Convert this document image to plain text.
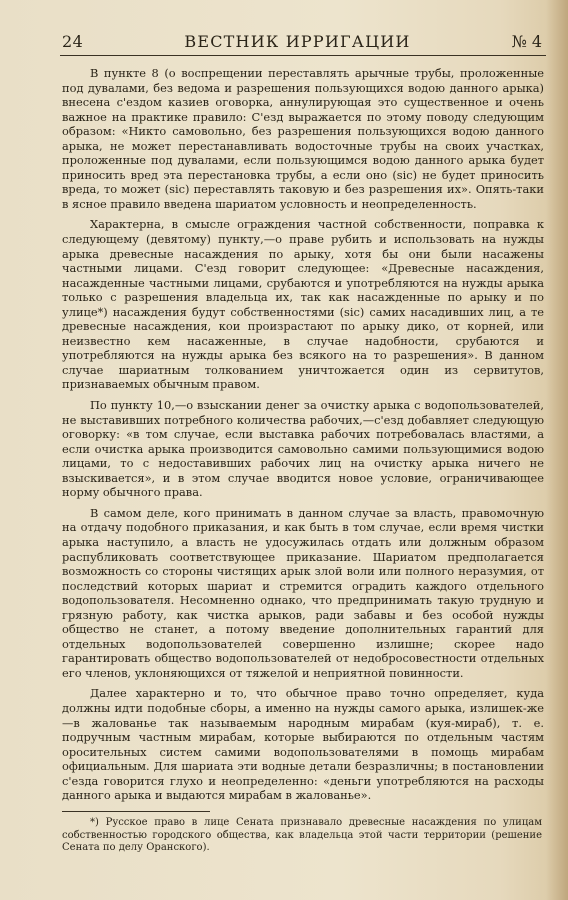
24	ВЕСТНИК ИРРИГАЦИИ	№ 4

В пункте 8 (о воспрещении переставлять арычные трубы, проложенные под дувалами, без ведома и разрешения пользующихся водою данного арыка) внесена с'ездом казиев оговорка, аннулирующая это существенное и очень важное на практике правило: С'езд выражается по этому поводу следующим образом: «Никто самовольно, без разрешения пользующихся водою данного арыка, не может перестанавливать водосточные трубы на своих участках, проложенные под дувалами, если пользующимся водою данного арыка будет приносить вред эта перестановка трубы, а если оно (sic) не будет приносить вреда, то может (sic) переставлять таковую и без разрешения их». Опять-таки в ясное правило введена шариатом условность и неопределенность.

Характерна, в смысле ограждения частной собственности, поправка к следующему (девятому) пункту,—о праве рубить и использовать на нужды арыка древесные насаждения по арыку, хотя бы они были насажены частными лицами. С'езд говорит следующее: «Древесные насаждения, насажденные частными лицами, срубаются и употребляются на нужды арыка только с разрешения владельца их, так как насажденные по арыку и по улице*) насаждения будут собственностями (sic) самих насадивших лиц, а те древесные насаждения, кои произрастают по арыку дико, от корней, или неизвестно кем насаженные, в случае надобности, срубаются и употребляются на нужды арыка без всякого на то разрешения». В данном случае шариатным толкованием уничтожается один из сервитутов, признаваемых обычным правом.

По пункту 10,—о взыскании денег за очистку арыка с водопользователей, не выставивших потребного количества рабочих,—с'езд добавляет следующую оговорку: «в том случае, если выставка рабочих потребовалась властями, а если очистка арыка производится самовольно самими пользующимися водою лицами, то с недоставивших рабочих лиц на очистку арыка ничего не взыскивается», и в этом случае вводится новое условие, ограничивающее норму обычного права.

В самом деле, кого принимать в данном случае за власть, правомочную на отдачу подобного приказания, и как быть в том случае, если время чистки арыка наступило, а власть не удосужилась отдать или должным образом распубликовать соответствующее приказание. Шариатом предполагается возможность со стороны чистящих арык злой воли или полного неразумия, от последствий которых шариат и стремится оградить каждого отдельного водопользователя. Несомненно однако, что предпринимать такую трудную и грязную работу, как чистка арыков, ради забавы и без особой нужды общество не станет, а потому введение дополнительных гарантий для отдельных водопользователей совершенно излишне; скорее надо гарантировать общество водопользователей от недобросовестности отдельных его членов, уклоняющихся от тяжелой и неприятной повинности.

Далее характерно и то, что обычное право точно определяет, куда должны идти подобные сборы, а именно на нужды самого арыка, излишек-же—в жалованье так называемым народным мирабам (куя-мираб), т. е. подручным частным мирабам, которые выбираются по отдельным частям оросительных систем самими водопользователями в помощь мирабам официальным. Для шариата эти водные детали безразличны; в постановлении с'езда говорится глухо и неопределенно: «деньги употребляются на расходы данного арыка и выдаются мирабам в жалованье».

*) Русское право в лице Сената признавало древесные насаждения по улицам собственностью городского общества, как владельца этой части территории (решение Сената по делу Оранского).
